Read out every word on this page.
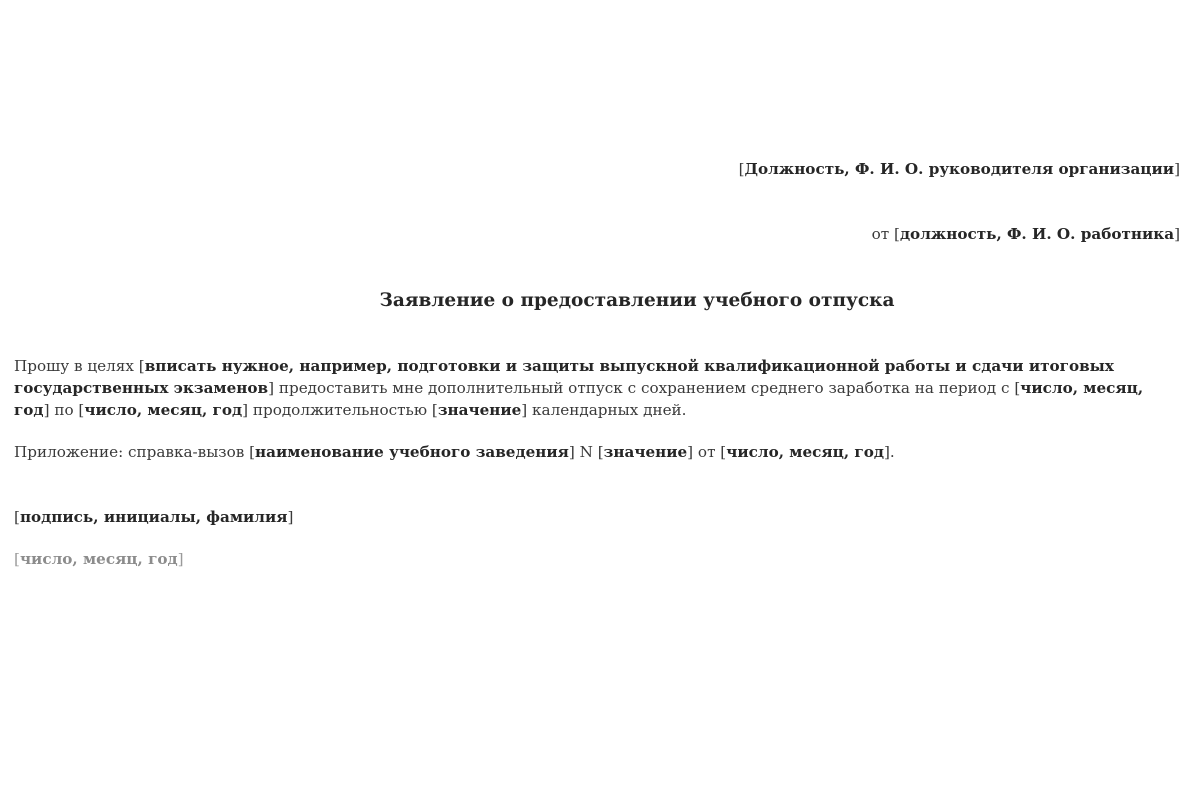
[Должность, Ф. И. О. руководителя организации]
от [должность, Ф. И. О. работника]
Заявление о предоставлении учебного отпуска

Прошу в целях [вписать нужное, например, подготовки и защиты выпускной квалификационной работы и сдачи итоговых государственных экзаменов] предоставить мне дополнительный отпуск с сохранением среднего заработка на период с [число, месяц, год] по [число, месяц, год] продолжительностью [значение] календарных дней.

Приложение: справка-вызов [наименование учебного заведения] N [значение] от [число, месяц, год].

[подпись, инициалы, фамилия]

[число, месяц, год]
